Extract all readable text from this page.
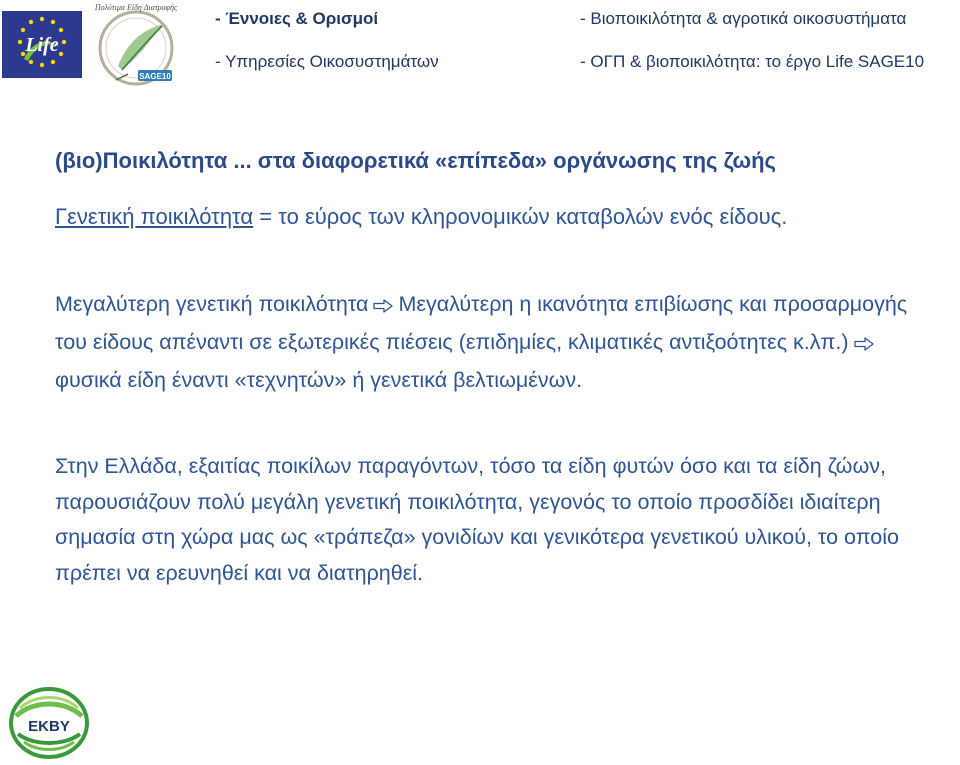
Life
Πολύτιμα Είδη Διατροφής
SAGE10
- Έννοιες & Ορισμοί	- Βιοποικιλότητα & αγροτικά οικοσυστήματα
- Υπηρεσίες Οικοσυστημάτων	- ΟΓΠ & βιοποικιλότητα: το έργο Life SAGE10
(βιο)Ποικιλότητα ... στα διαφορετικά «επίπεδα» οργάνωσης της ζωής
Γενετική ποικιλότητα = το εύρος των κληρονομικών καταβολών ενός είδους.
Μεγαλύτερη γενετική ποικιλότητα Μεγαλύτερη η ικανότητα επιβίωσης και προσαρμογής του είδους απέναντι σε εξωτερικές πιέσεις (επιδημίες, κλιματικές αντιξοότητες κ.λπ.)φυσικά είδη έναντι «τεχνητών» ή γενετικά βελτιωμένων.
Στην Ελλάδα, εξαιτίας ποικίλων παραγόντων, τόσο τα είδη φυτών όσο και τα είδη ζώων, παρουσιάζουν πολύ μεγάλη γενετική ποικιλότητα, γεγονός το οποίο προσδίδει ιδιαίτερη σημασία στη χώρα μας ως «τράπεζα» γονιδίων και γενικότερα γενετικού υλικού, το οποίο πρέπει να ερευνηθεί και να διατηρηθεί.
ΕΚΒΥ
